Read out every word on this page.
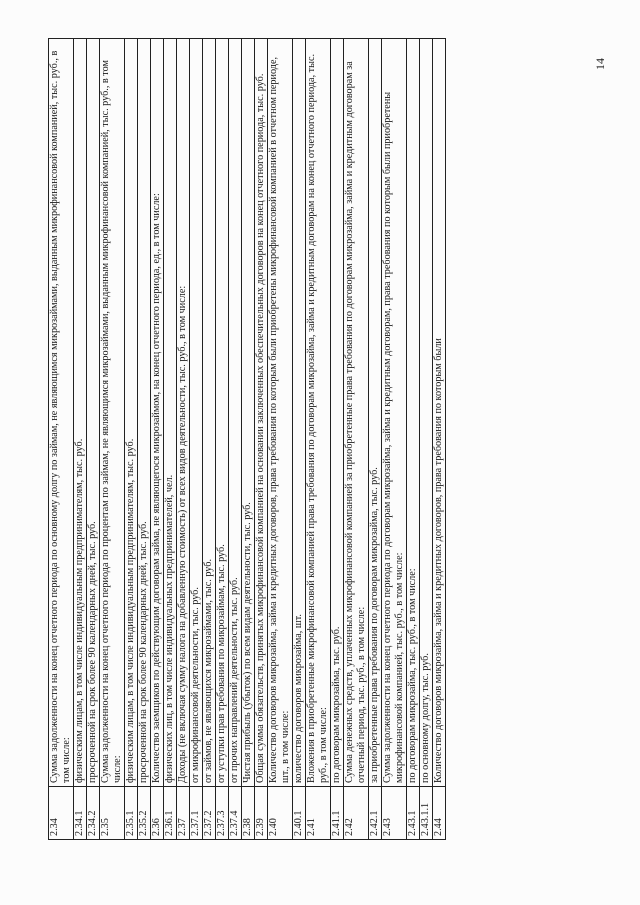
14
2.34	Сумма задолженности на конец отчетного периода по основному долгу по займам, не являющимся микрозаймами, выданным микрофинансовой компанией, тыс. руб., в том числе:
2.34.1	физическим лицам, в том числе индивидуальным предпринимателям, тыс. руб.
2.34.2	просроченной на срок более 90 календарных дней, тыс. руб.
2.35	Сумма задолженности на конец отчетного периода по процентам по займам, не являющимся микрозаймами, выданным микрофинансовой компанией, тыс. руб., в том числе:
2.35.1	физическим лицам, в том числе индивидуальным предпринимателям, тыс. руб.
2.35.2	просроченной на срок более 90 календарных дней, тыс. руб.
2.36	Количество заемщиков по действующим договорам займа, не являющегося микрозаймом, на конец отчетного периода, ед., в том числе:
2.36.1	физических лиц, в том числе индивидуальных предпринимателей, чел.
2.37	Доходы (не включая сумму налога на добавленную стоимость) от всех видов деятельности, тыс. руб., в том числе:
2.37.1	от микрофинансовой деятельности, тыс. руб.
2.37.2	от займов, не являющихся микрозаймами, тыс. руб.
2.37.3	от уступки прав требования по микрозаймам, тыс. руб.
2.37.4	от прочих направлений деятельности, тыс. руб.
2.38	Чистая прибыль (убыток) по всем видам деятельности, тыс. руб.
2.39	Общая сумма обязательств, принятых микрофинансовой компанией на основании заключенных обеспечительных договоров на конец отчетного периода, тыс. руб.
2.40	Количество договоров микрозайма, займа и кредитных договоров, права требования по которым были приобретены микрофинансовой компанией в отчетном периоде, шт., в том числе:
2.40.1	количество договоров микрозайма, шт.
2.41	Вложения в приобретенные микрофинансовой компанией права требования по договорам микрозайма, займа и кредитным договорам на конец отчетного периода, тыс. руб., в том числе:
2.41.1	по договорам микрозайма, тыс. руб.
2.42	Сумма денежных средств, уплаченных микрофинансовой компанией за приобретенные права требования по договорам микрозайма, займа и кредитным договорам за отчетный период, тыс. руб., в том числе:
2.42.1	за приобретенные права требования по договорам микрозайма, тыс. руб.
2.43	Сумма задолженности на конец отчетного периода по договорам микрозайма, займа и кредитным договорам, права требования по которым были приобретены микрофинансовой компанией, тыс. руб., в том числе:
2.43.1	по договорам микрозайма, тыс. руб., в том числе:
2.43.1.1	по основному долгу, тыс. руб.
2.44	Количество договоров микрозайма, займа и кредитных договоров, права требования по которым были
